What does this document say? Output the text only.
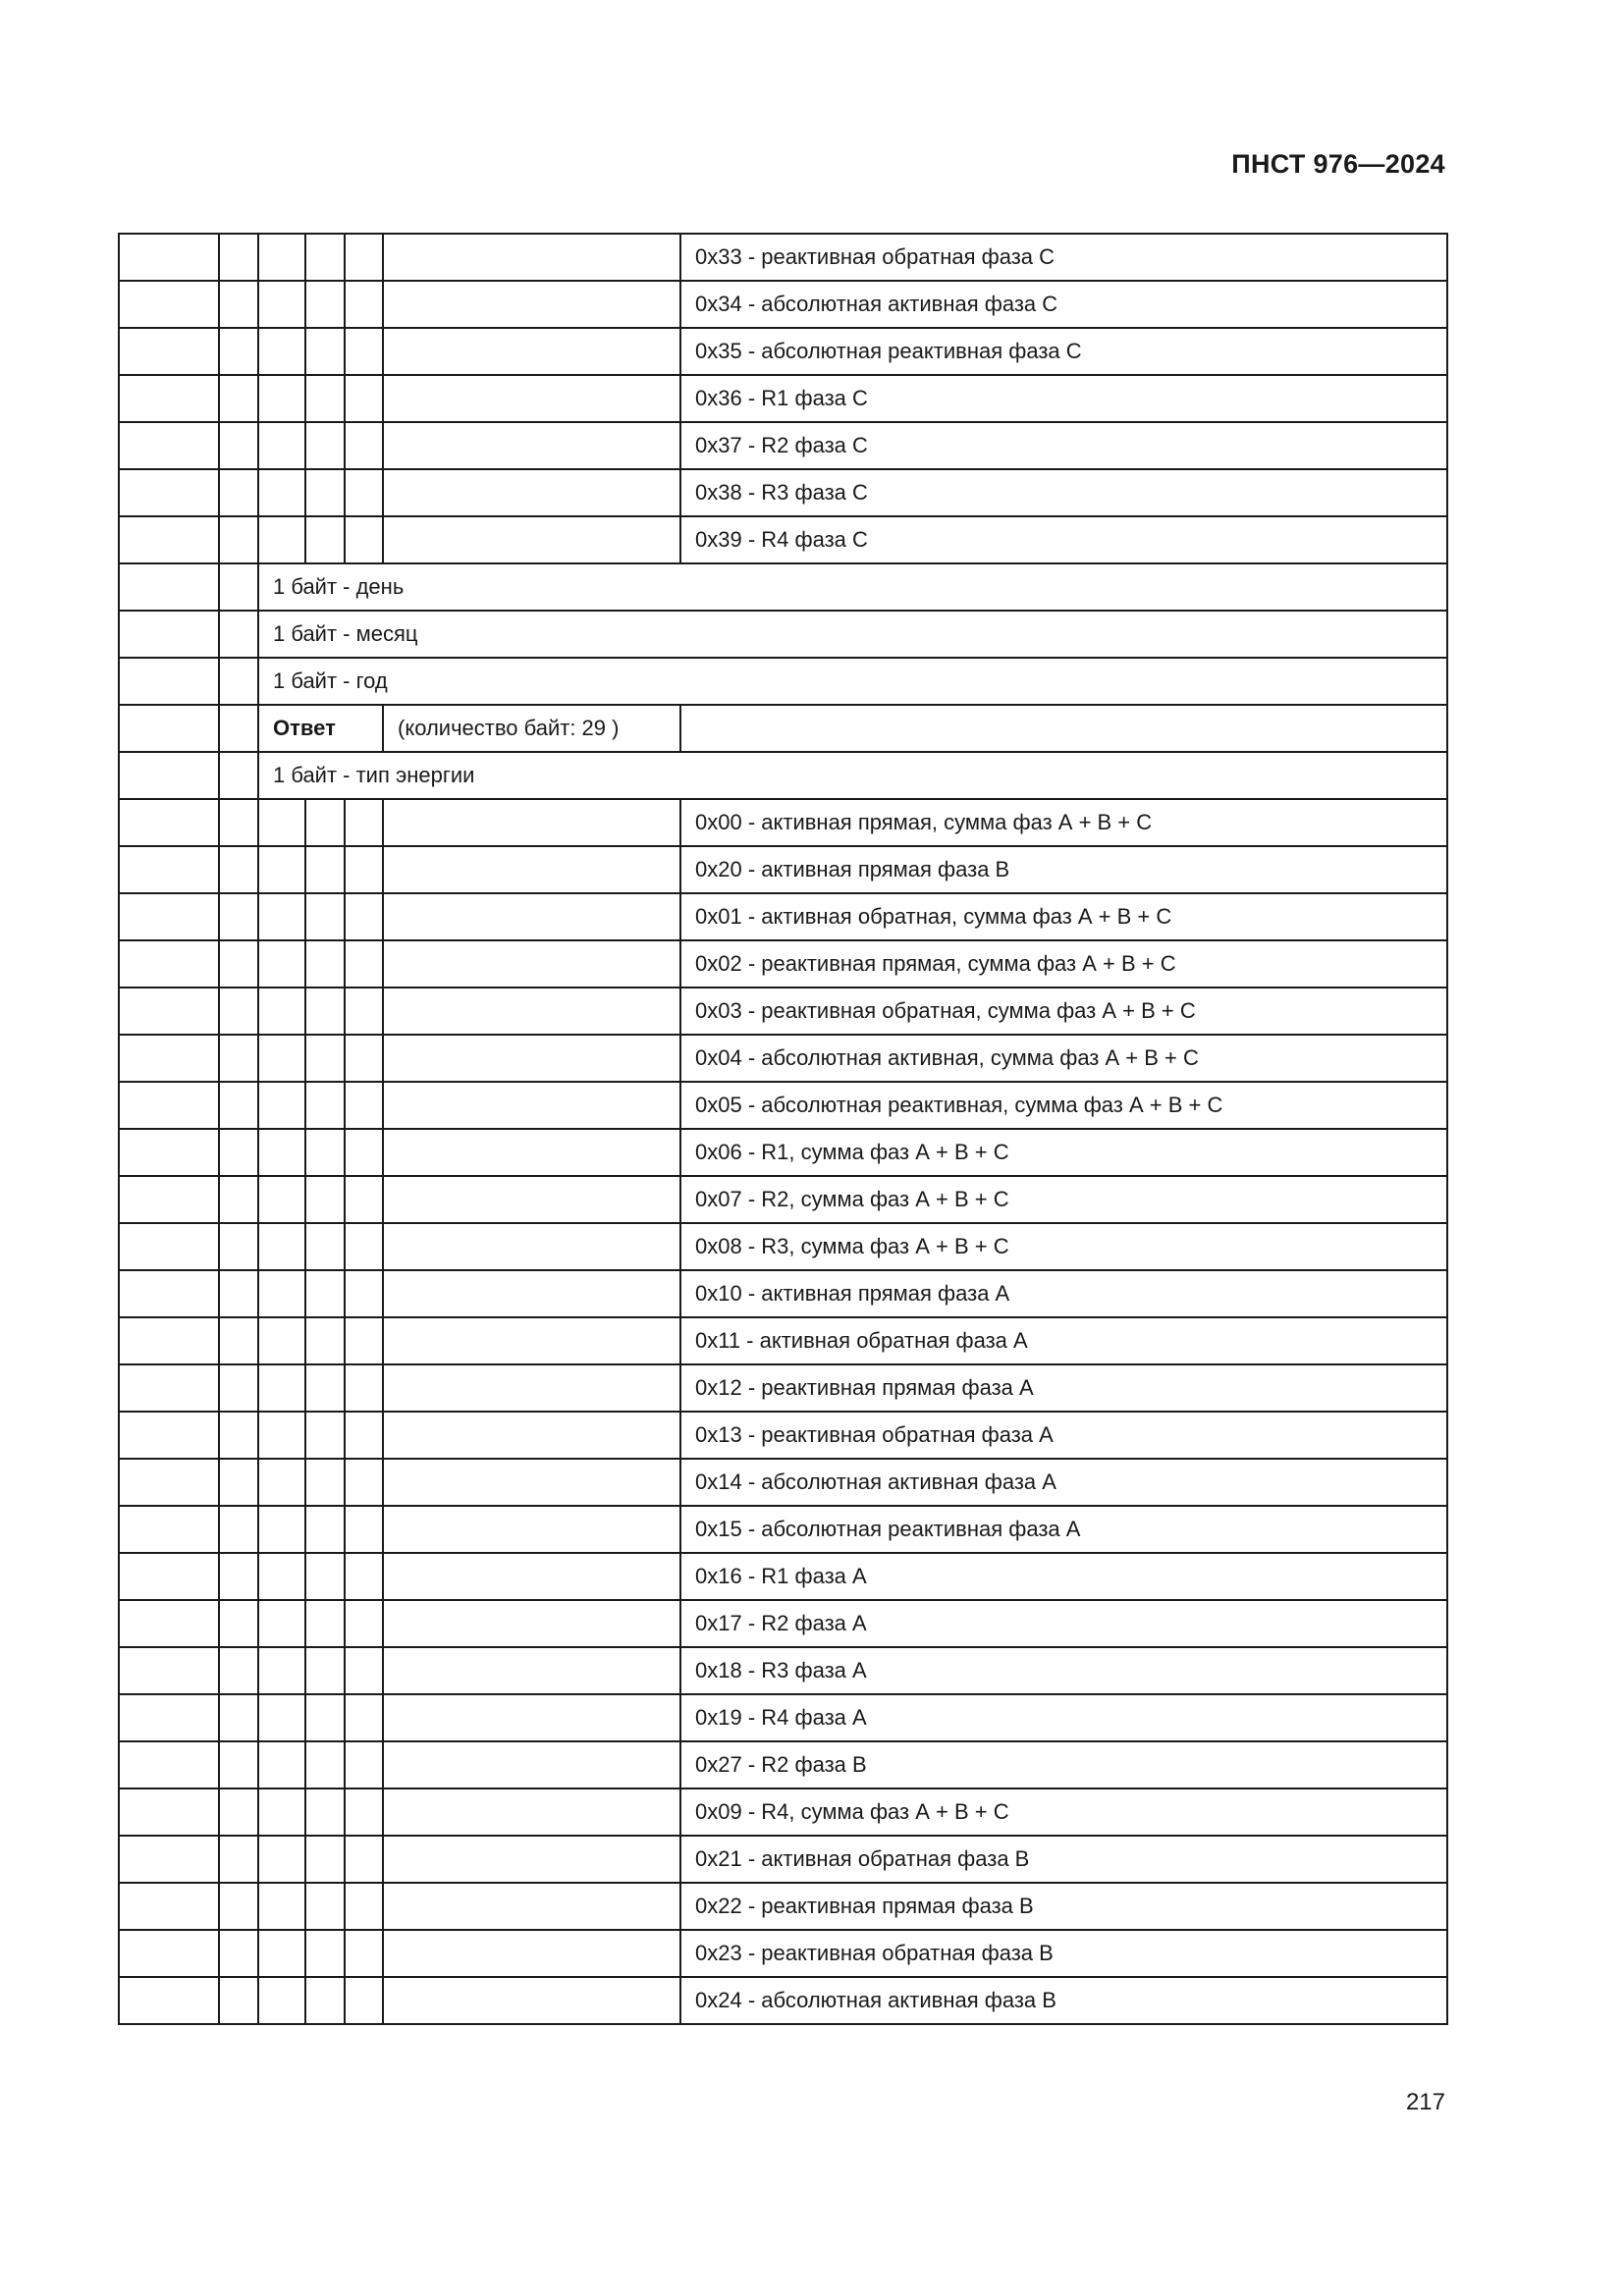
ПНСТ 976—2024
						0x33 - реактивная обратная фаза С
						0x34 - абсолютная активная фаза С
						0x35 - абсолютная реактивная фаза С
						0x36 - R1 фаза С
						0x37 - R2 фаза С
						0x38 - R3 фаза С
						0x39 - R4 фаза С
		1 байт - день				
		1 байт - месяц				
		1 байт - год				
		Ответ			(количество байт: 29 )	
		1 байт - тип энергии				
						0x00 - активная прямая, сумма фаз А + В + С
						0x20 - активная прямая фаза В
						0x01 - активная обратная, сумма фаз А + В + С
						0x02 - реактивная прямая, сумма фаз А + В + С
						0x03 - реактивная обратная, сумма фаз А + В + С
						0x04 - абсолютная активная, сумма фаз А + В + С
						0x05 - абсолютная реактивная, сумма фаз А + В + С
						0x06 - R1, сумма фаз А + В + С
						0x07 - R2, сумма фаз А + В + С
						0x08 - R3, сумма фаз А + В + С
						0x10 - активная прямая фаза А
						0x11 - активная обратная фаза А
						0x12 - реактивная прямая фаза А
						0x13 - реактивная обратная фаза А
						0x14 - абсолютная активная фаза А
						0x15 - абсолютная реактивная фаза А
						0x16 - R1 фаза А
						0x17 - R2 фаза А
						0x18 - R3 фаза А
						0x19 - R4 фаза А
						0x27 - R2 фаза В
						0x09 - R4, сумма фаз А + В + С
						0x21 - активная обратная фаза В
						0x22 - реактивная прямая фаза В
						0x23 - реактивная обратная фаза В
						0x24 - абсолютная активная фаза В
217
